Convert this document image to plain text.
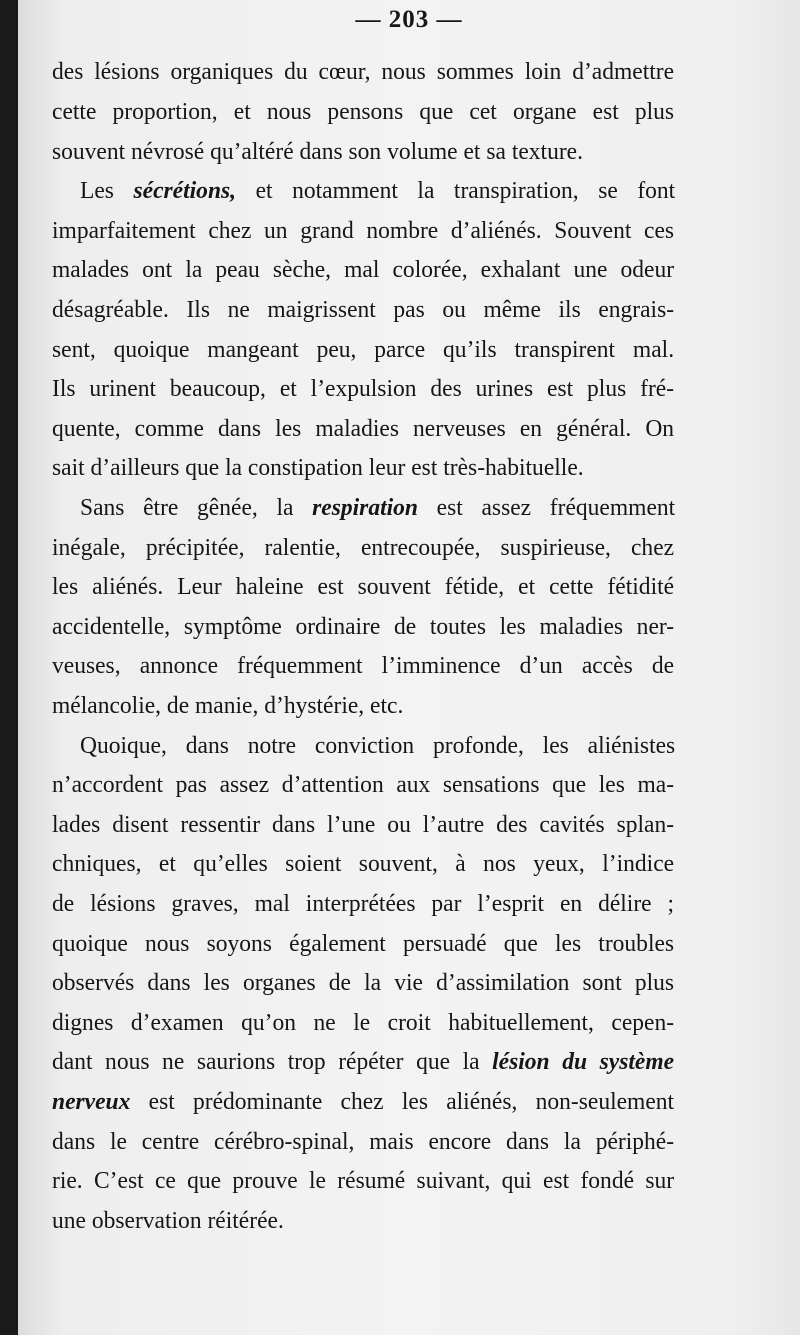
— 203 —
des lésions organiques du cœur, nous sommes loin d’admettre
cette proportion, et nous pensons que cet organe est plus
souvent névrosé qu’altéré dans son volume et sa texture.
Les sécrétions, et notamment la transpiration, se font
imparfaitement chez un grand nombre d’aliénés. Souvent ces
malades ont la peau sèche, mal colorée, exhalant une odeur
désagréable. Ils ne maigrissent pas ou même ils engrais-
sent, quoique mangeant peu, parce qu’ils transpirent mal.
Ils urinent beaucoup, et l’expulsion des urines est plus fré-
quente, comme dans les maladies nerveuses en général. On
sait d’ailleurs que la constipation leur est très-habituelle.
Sans être gênée, la respiration est assez fréquemment
inégale, précipitée, ralentie, entrecoupée, suspirieuse, chez
les aliénés. Leur haleine est souvent fétide, et cette fétidité
accidentelle, symptôme ordinaire de toutes les maladies ner-
veuses, annonce fréquemment l’imminence d’un accès de
mélancolie, de manie, d’hystérie, etc.
Quoique, dans notre conviction profonde, les aliénistes
n’accordent pas assez d’attention aux sensations que les ma-
lades disent ressentir dans l’une ou l’autre des cavités splan-
chniques, et qu’elles soient souvent, à nos yeux, l’indice
de lésions graves, mal interprétées par l’esprit en délire ;
quoique nous soyons également persuadé que les troubles
observés dans les organes de la vie d’assimilation sont plus
dignes d’examen qu’on ne le croit habituellement, cepen-
dant nous ne saurions trop répéter que la lésion du système
nerveux est prédominante chez les aliénés, non-seulement
dans le centre cérébro-spinal, mais encore dans la périphé-
rie. C’est ce que prouve le résumé suivant, qui est fondé sur
une observation réitérée.
